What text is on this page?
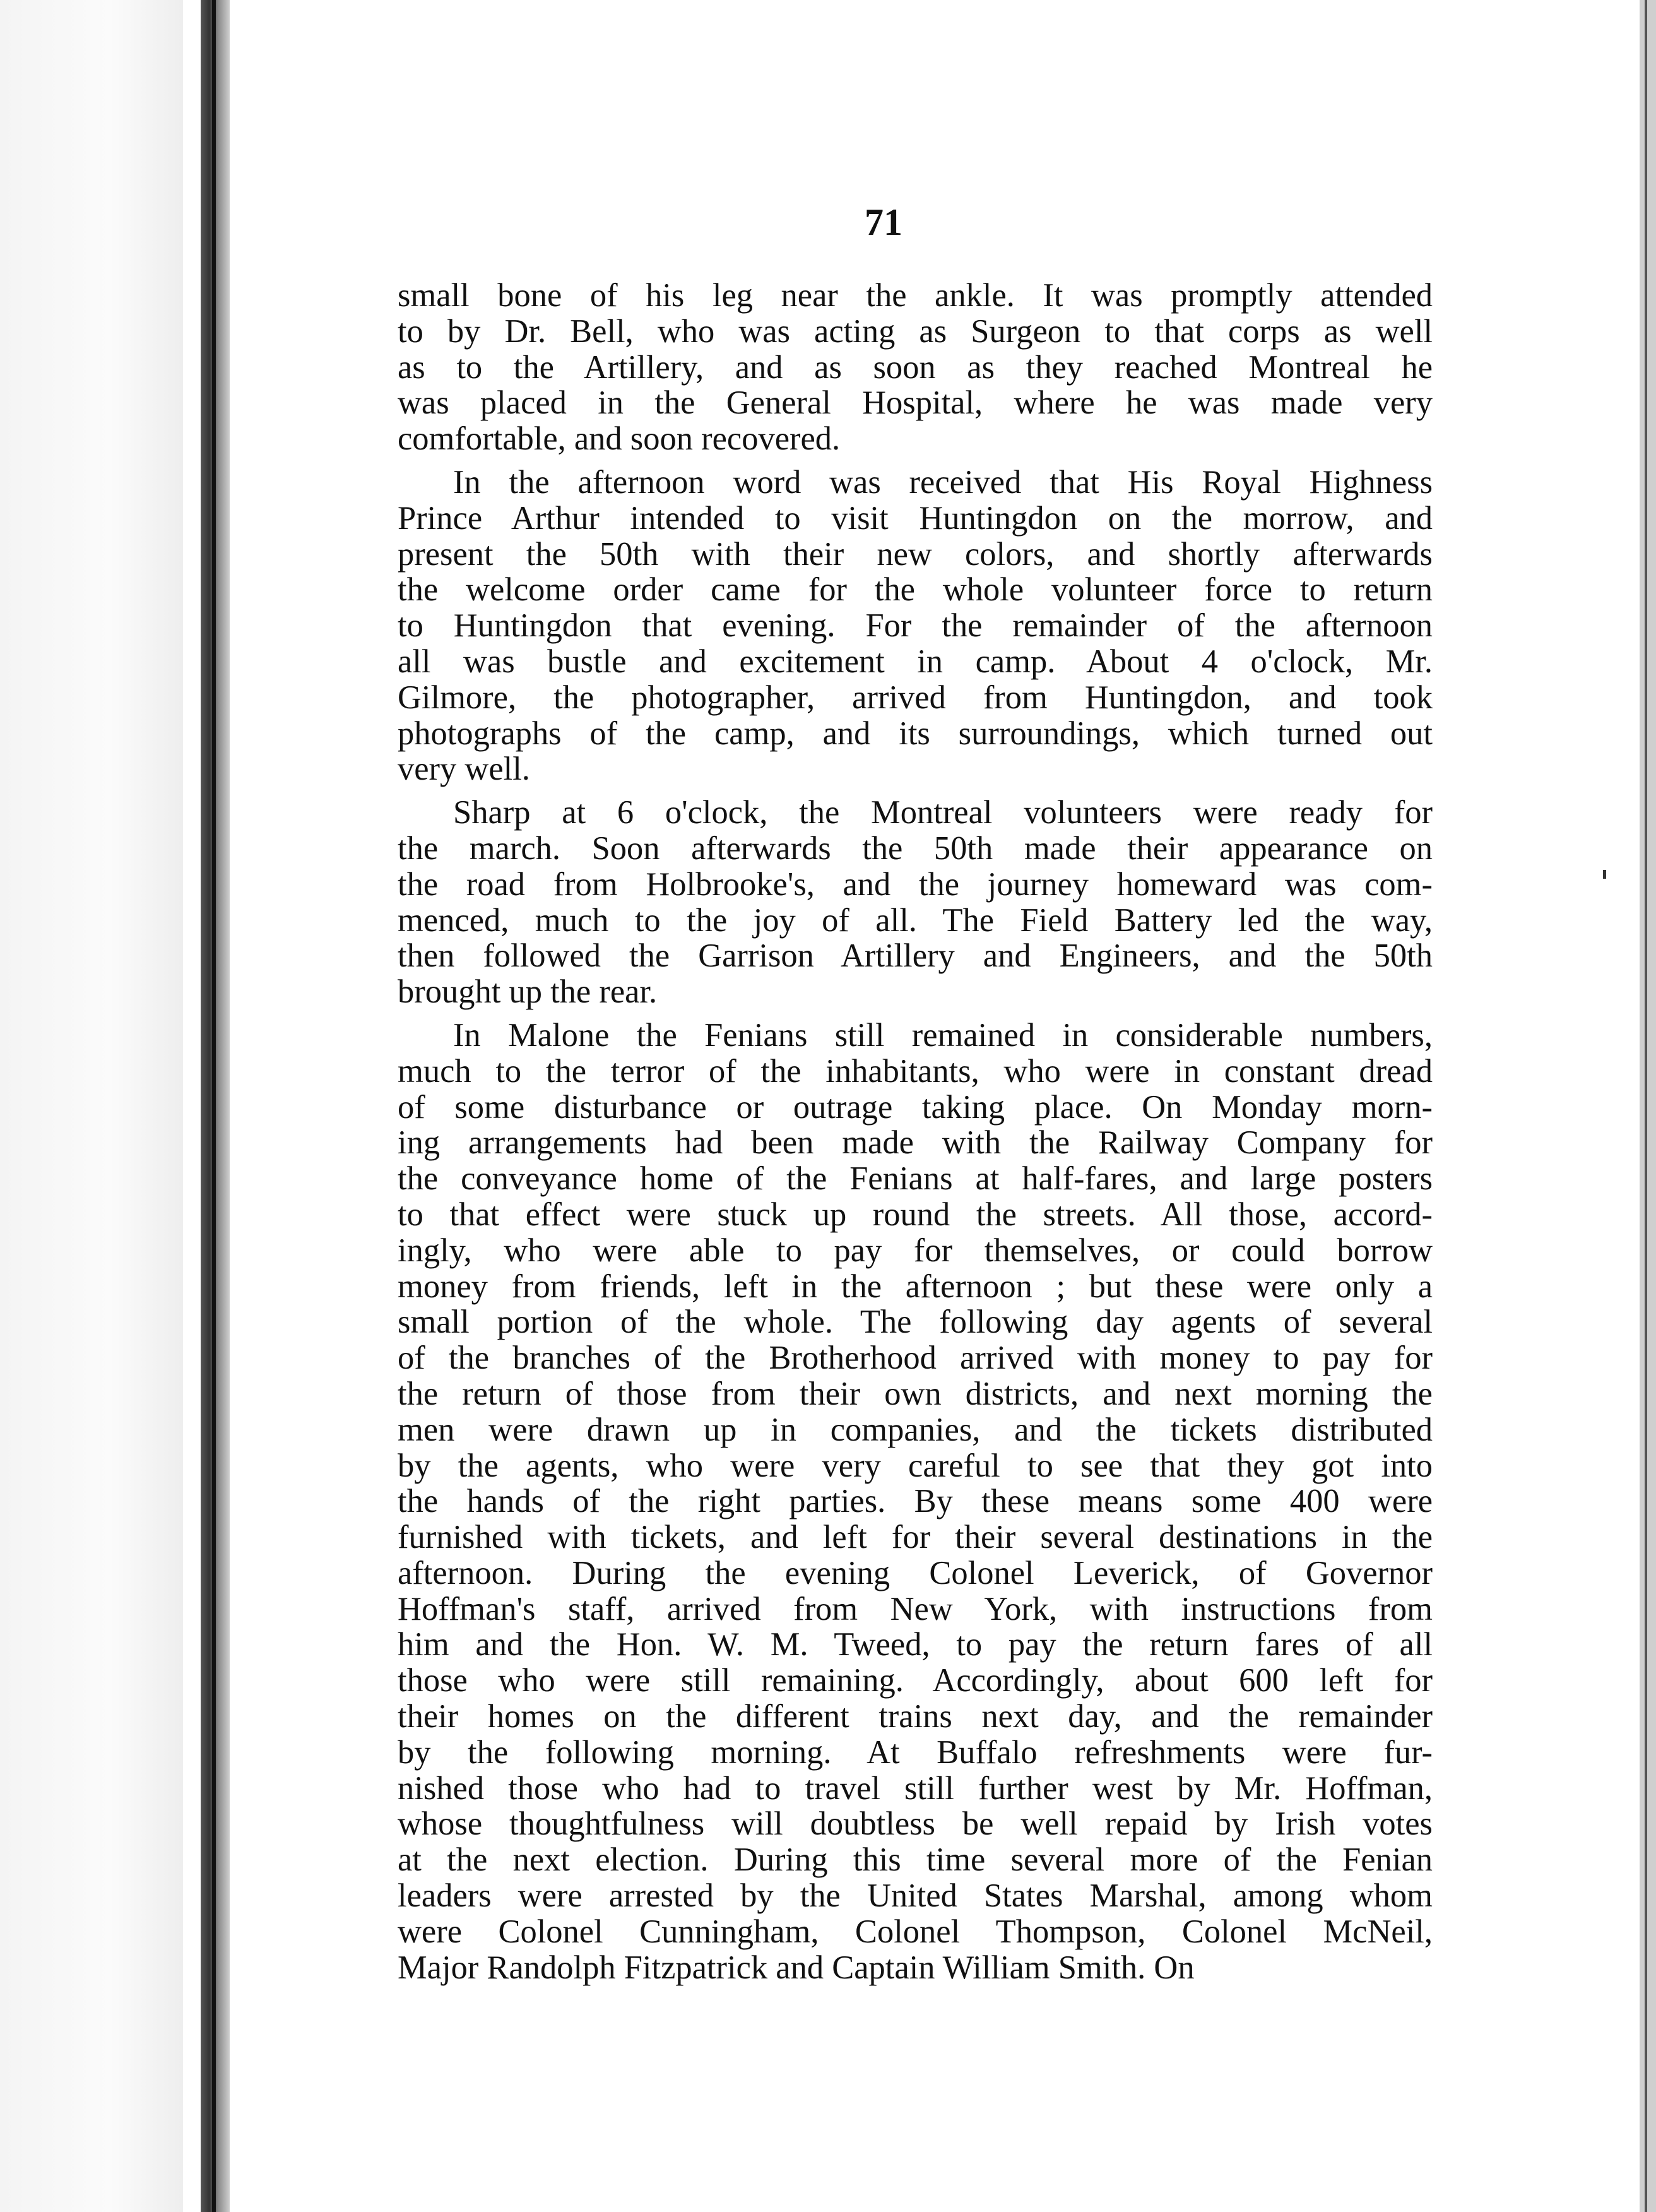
71
small bone of his leg near the ankle. It was promptly attended
to by Dr. Bell, who was acting as Surgeon to that corps as well
as to the Artillery, and as soon as they reached Montreal he
was placed in the General Hospital, where he was made very
comfortable, and soon recovered.
In the afternoon word was received that His Royal Highness
Prince Arthur intended to visit Huntingdon on the morrow, and
present the 50th with their new colors, and shortly afterwards
the welcome order came for the whole volunteer force to return
to Huntingdon that evening. For the remainder of the afternoon
all was bustle and excitement in camp. About 4 o'clock, Mr.
Gilmore, the photographer, arrived from Huntingdon, and took
photographs of the camp, and its surroundings, which turned out
very well.
Sharp at 6 o'clock, the Montreal volunteers were ready for
the march. Soon afterwards the 50th made their appearance on
the road from Holbrooke's, and the journey homeward was com-
menced, much to the joy of all. The Field Battery led the way,
then followed the Garrison Artillery and Engineers, and the 50th
brought up the rear.
In Malone the Fenians still remained in considerable numbers,
much to the terror of the inhabitants, who were in constant dread
of some disturbance or outrage taking place. On Monday morn-
ing arrangements had been made with the Railway Company for
the conveyance home of the Fenians at half-fares, and large posters
to that effect were stuck up round the streets. All those, accord-
ingly, who were able to pay for themselves, or could borrow
money from friends, left in the afternoon ; but these were only a
small portion of the whole. The following day agents of several
of the branches of the Brotherhood arrived with money to pay for
the return of those from their own districts, and next morning the
men were drawn up in companies, and the tickets distributed
by the agents, who were very careful to see that they got into
the hands of the right parties. By these means some 400 were
furnished with tickets, and left for their several destinations in the
afternoon. During the evening Colonel Leverick, of Governor
Hoffman's staff, arrived from New York, with instructions from
him and the Hon. W. M. Tweed, to pay the return fares of all
those who were still remaining. Accordingly, about 600 left for
their homes on the different trains next day, and the remainder
by the following morning. At Buffalo refreshments were fur-
nished those who had to travel still further west by Mr. Hoffman,
whose thoughtfulness will doubtless be well repaid by Irish votes
at the next election. During this time several more of the Fenian
leaders were arrested by the United States Marshal, among whom
were Colonel Cunningham, Colonel Thompson, Colonel McNeil,
Major Randolph Fitzpatrick and Captain William Smith. On
